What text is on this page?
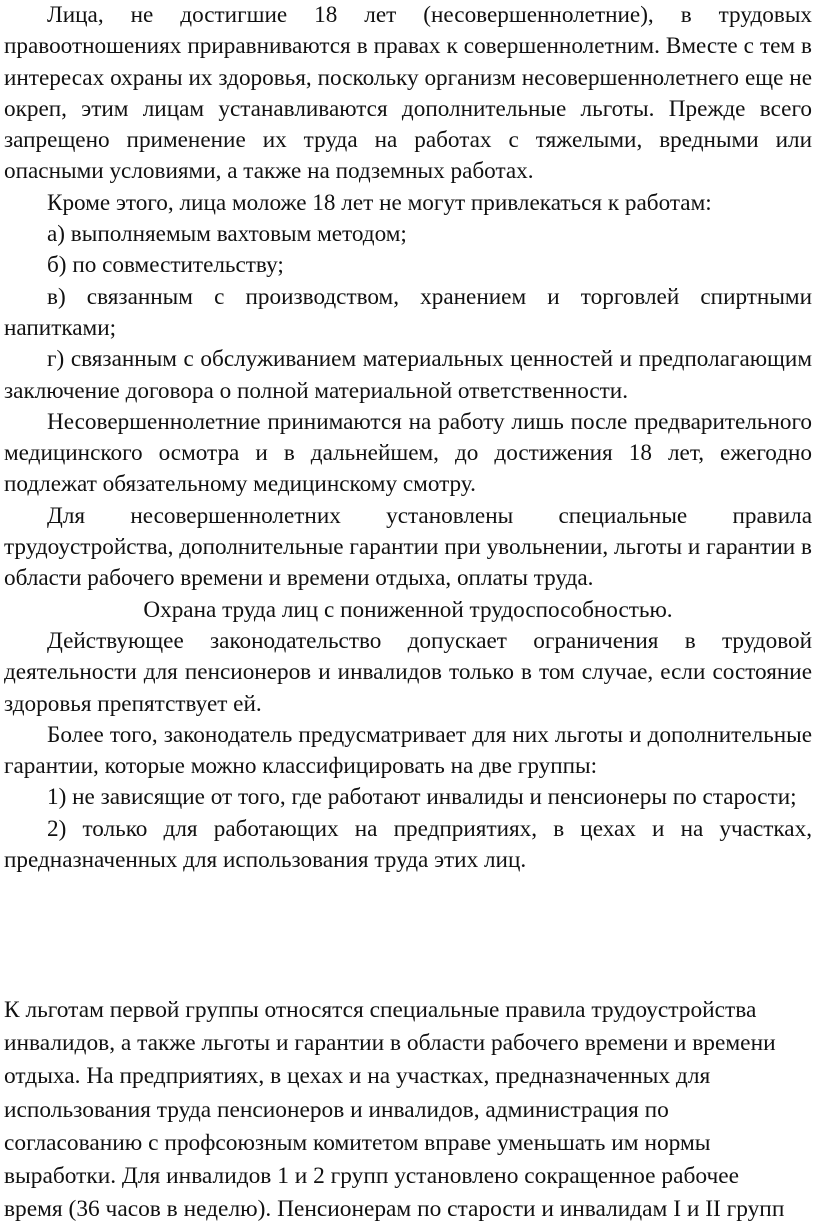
Лица, не достигшие 18 лет (несовершеннолетние), в трудовых правоотношениях приравниваются в правах к совершеннолетним. Вместе с тем в интересах охраны их здоровья, поскольку организм несовершеннолетнего еще не окреп, этим лицам устанавливаются дополнительные льготы. Прежде всего запрещено применение их труда на работах с тяжелыми, вредными или опасными условиями, а также на подземных работах.

Кроме этого, лица моложе 18 лет не могут привлекаться к работам:

а) выполняемым вахтовым методом;

б) по совместительству;

в) связанным с производством, хранением и торговлей спиртными напитками;

г) связанным с обслуживанием материальных ценностей и предполагающим заключение договора о полной материальной ответственности.

Несовершеннолетние принимаются на работу лишь после предварительного медицинского осмотра и в дальнейшем, до достижения 18 лет, ежегодно подлежат обязательному медицинскому смотру.

Для несовершеннолетних установлены специальные правила трудоустройства, дополнительные гарантии при увольнении, льготы и гарантии в области рабочего времени и времени отдыха, оплаты труда.

Охрана труда лиц с пониженной трудоспособностью.

Действующее законодательство допускает ограничения в трудовой деятельности для пенсионеров и инвалидов только в том случае, если состояние здоровья препятствует ей.

Более того, законодатель предусматривает для них льготы и дополнительные гарантии, которые можно классифицировать на две группы:

1) не зависящие от того, где работают инвалиды и пенсионеры по старости;

2) только для работающих на предприятиях, в цехах и на участках, предназначенных для использования труда этих лиц.

К льготам первой группы относятся специальные правила трудоустройства

инвалидов, а также льготы и гарантии в области рабочего времени и времени

отдыха. На предприятиях, в цехах и на участках, предназначенных для

использования труда пенсионеров и инвалидов, администрация по

согласованию с профсоюзным комитетом вправе уменьшать им нормы

выработки. Для инвалидов 1 и 2 групп установлено сокращенное рабочее

время (36 часов в неделю). Пенсионерам по старости и инвалидам I и II групп
